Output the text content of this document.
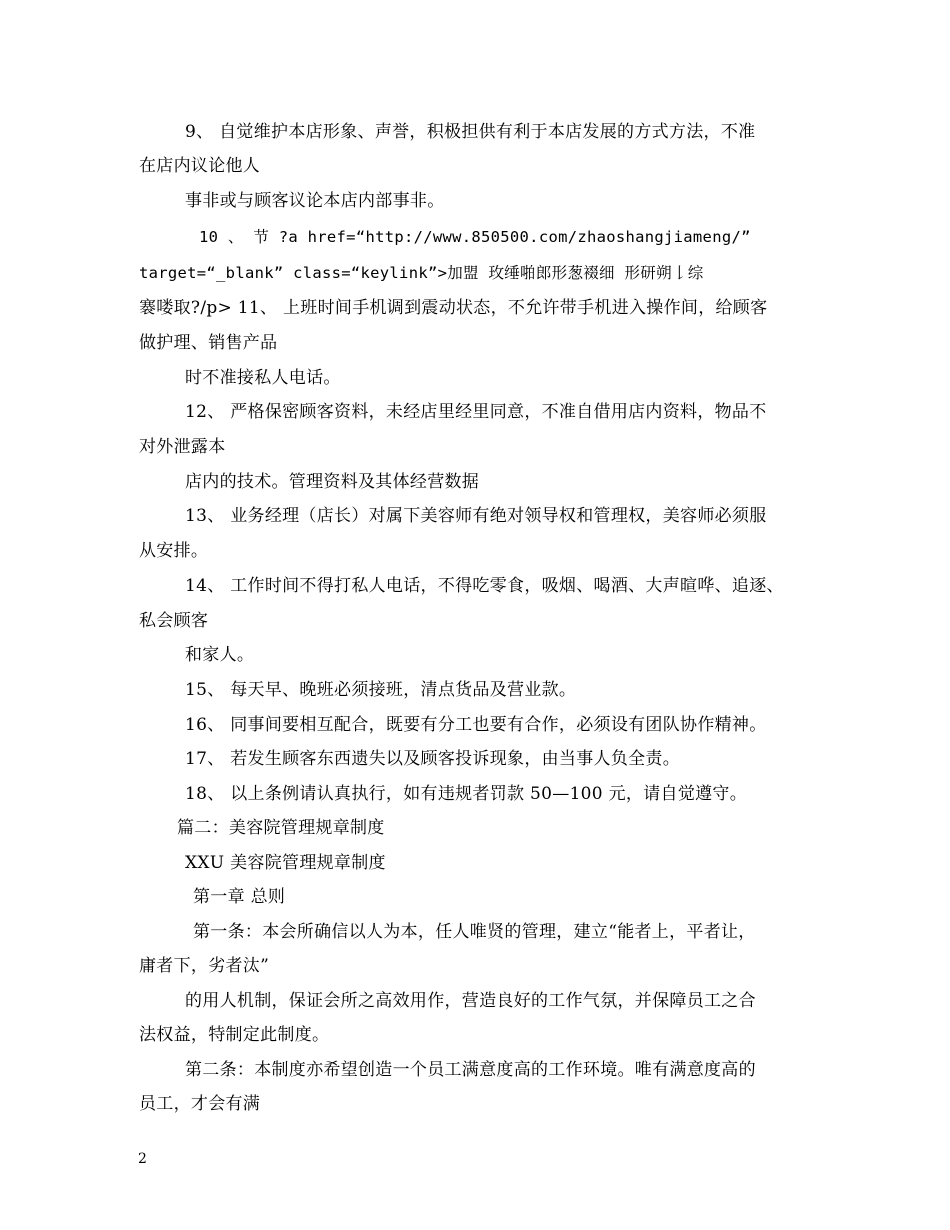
9、 自觉维护本店形象、声誉，积极担供有利于本店发展的方式方法，不准
在店内议论他人
事非或与顾客议论本店内部事非。
10 、 节 ?a href=“http://www.850500.com/zhaoshangjiameng/”
target=“_blank” class=“keylink”>加盟 玫缍啪‮𠄌朔研形 细裰葱形郎‬综
褰喽取?/p> 11、 上班时间手机调到震动状态，不允许带手机进入操作间，给顾客
做护理、销售产品
时不准接私人电话。
12、 严格保密顾客资料，未经店里经里同意，不准自借用店内资料，物品不
对外泄露本
店内的技术。管理资料及其体经营数据
13、 业务经理（店长）对属下美容师有绝对领导权和管理权，美容师必须服
从安排。
14、 工作时间不得打私人电话，不得吃零食，吸烟、喝酒、大声暄哗、追逐、
私会顾客
和家人。
15、 每天早、晚班必须接班，清点货品及营业款。
16、 同事间要相互配合，既要有分工也要有合作，必须设有团队协作精神。
17、 若发生顾客东西遗失以及顾客投诉现象，由当事人负全责。
18、 以上条例请认真执行，如有违规者罚款 50—100 元，请自觉遵守。
篇二：美容院管理规章制度
XXU 美容院管理规章制度
第一章 总则
第一条：本会所确信以人为本，任人唯贤的管理，建立“能者上，平者让，
庸者下，劣者汰”
的用人机制，保证会所之高效用作，营造良好的工作气氛，并保障员工之合
法权益，特制定此制度。
第二条：本制度亦希望创造一个员工满意度高的工作环境。唯有满意度高的
员工，才会有满
2
